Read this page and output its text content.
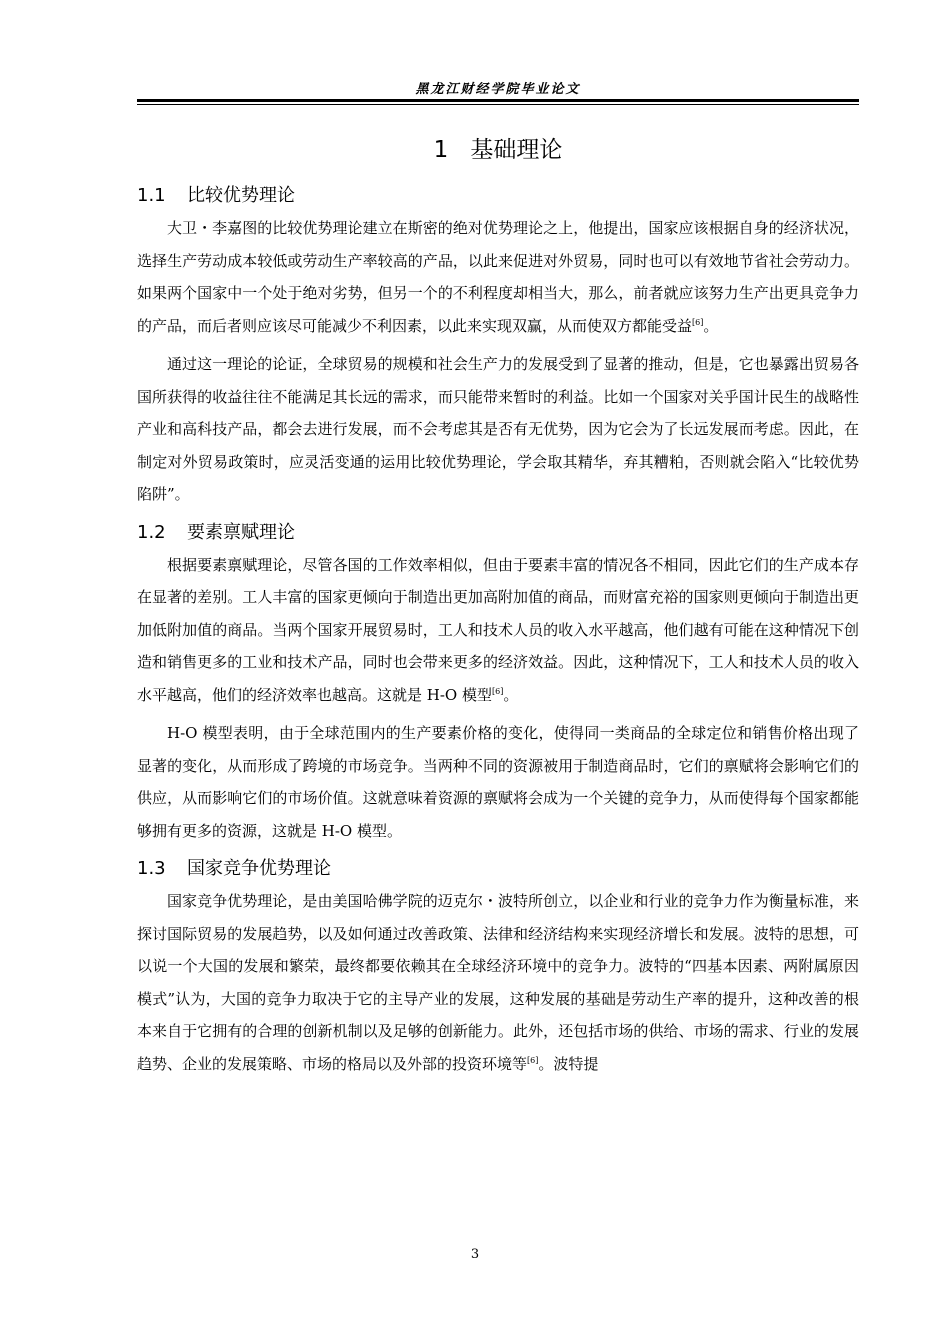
黑龙江财经学院毕业论文
1 基础理论
1.1 比较优势理论

大卫・李嘉图的比较优势理论建立在斯密的绝对优势理论之上，他提出，国家应该根据自身的经济状况，选择生产劳动成本较低或劳动生产率较高的产品，以此来促进对外贸易，同时也可以有效地节省社会劳动力。如果两个国家中一个处于绝对劣势，但另一个的不利程度却相当大，那么，前者就应该努力生产出更具竞争力的产品，而后者则应该尽可能减少不利因素，以此来实现双赢，从而使双方都能受益[6]。

通过这一理论的论证，全球贸易的规模和社会生产力的发展受到了显著的推动，但是，它也暴露出贸易各国所获得的收益往往不能满足其长远的需求，而只能带来暂时的利益。比如一个国家对关乎国计民生的战略性产业和高科技产品，都会去进行发展，而不会考虑其是否有无优势，因为它会为了长远发展而考虑。因此，在制定对外贸易政策时，应灵活变通的运用比较优势理论，学会取其精华，弃其糟粕，否则就会陷入“比较优势陷阱”。

1.2 要素禀赋理论

根据要素禀赋理论，尽管各国的工作效率相似，但由于要素丰富的情况各不相同，因此它们的生产成本存在显著的差别。工人丰富的国家更倾向于制造出更加高附加值的商品，而财富充裕的国家则更倾向于制造出更加低附加值的商品。当两个国家开展贸易时，工人和技术人员的收入水平越高，他们越有可能在这种情况下创造和销售更多的工业和技术产品，同时也会带来更多的经济效益。因此，这种情况下，工人和技术人员的收入水平越高，他们的经济效率也越高。这就是 H-O 模型[6]。

H-O 模型表明，由于全球范围内的生产要素价格的变化，使得同一类商品的全球定位和销售价格出现了显著的变化，从而形成了跨境的市场竞争。当两种不同的资源被用于制造商品时，它们的禀赋将会影响它们的供应，从而影响它们的市场价值。这就意味着资源的禀赋将会成为一个关键的竞争力，从而使得每个国家都能够拥有更多的资源，这就是 H-O 模型。

1.3 国家竞争优势理论

国家竞争优势理论，是由美国哈佛学院的迈克尔・波特所创立，以企业和行业的竞争力作为衡量标准，来探讨国际贸易的发展趋势，以及如何通过改善政策、法律和经济结构来实现经济增长和发展。波特的思想，可以说一个大国的发展和繁荣，最终都要依赖其在全球经济环境中的竞争力。波特的“四基本因素、两附属原因模式”认为，大国的竞争力取决于它的主导产业的发展，这种发展的基础是劳动生产率的提升，这种改善的根本来自于它拥有的合理的创新机制以及足够的创新能力。此外，还包括市场的供给、市场的需求、行业的发展趋势、企业的发展策略、市场的格局以及外部的投资环境等[6]。波特提

3
